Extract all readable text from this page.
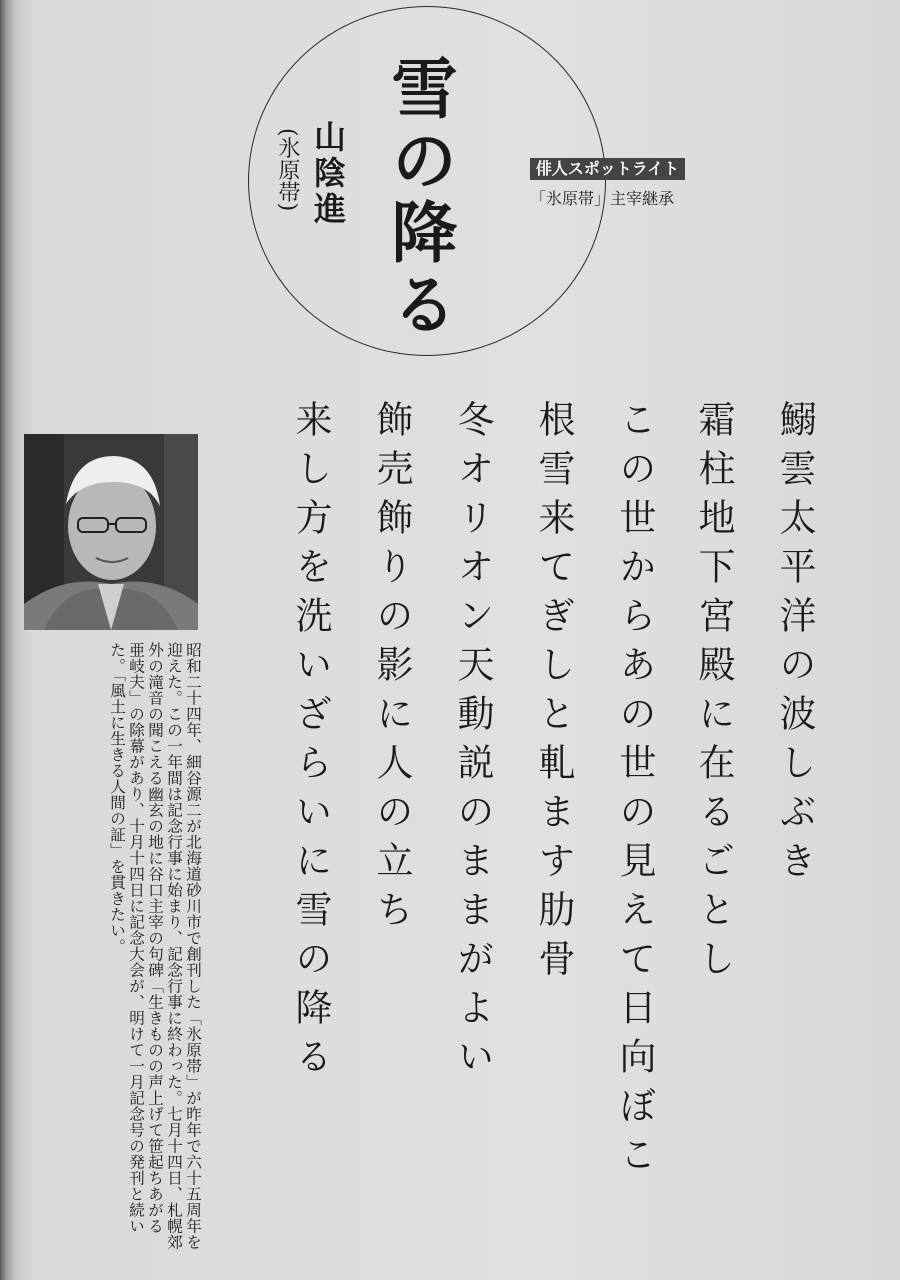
雪の降る
山陰進
(氷原帯)	俳人スポットライト
「氷原帯」主宰継承
鰯雲太平洋の波しぶき
霜柱地下宮殿に在るごとし
この世からあの世の見えて日向ぼこ
根雪来てぎしと軋ます肋骨
冬オリオン天動説のままがよい
飾売飾りの影に人の立ち
来し方を洗いざらいに雪の降る
昭和二十四年、細谷源二が北海道砂川市で創刊した「氷原帯」が昨年で六十五周年を迎えた。この一年間は記念行事に始まり、記念行事に終わった。七月十四日、札幌郊外の滝音の聞こえる幽玄の地に谷口主宰の句碑「生きものの声上げて笹起ちあがる　亜岐夫」の除幕があり、十月十四日に記念大会が、明けて一月記念号の発刊と続いた。「風土に生きる人間の証」を貫きたい。
